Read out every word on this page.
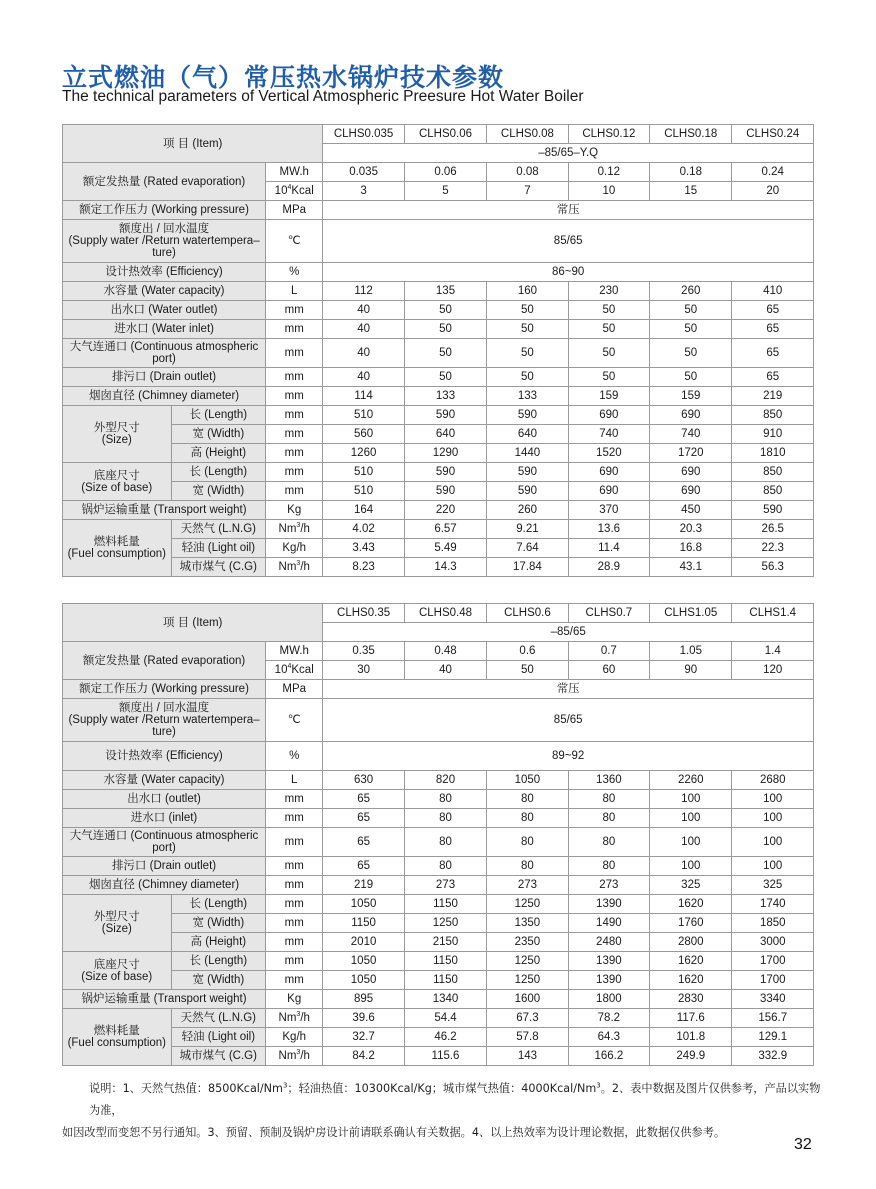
立式燃油（气）常压热水锅炉技术参数
The technical parameters of Vertical Atmospheric Preesure Hot Water Boiler
项 目 (Item)			CLHS0.035	CLHS0.06	CLHS0.08	CLHS0.12	CLHS0.18	CLHS0.24
			–85/65–Y.Q					
额定发热量 (Rated evaporation)		MW.h	0.035	0.06	0.08	0.12	0.18	0.24
		$10^4Kcal$	3	5	7	10	15	20
额定工作压力 (Working pressure)		MPa	常压					
额度出 / 回水温度
(Supply water /Return watertempera–
ture)		℃	85/65					
设计热效率 (Efficiency)		%	86~90					
水容量 (Water capacity)		L	112	135	160	230	260	410
出水口 (Water outlet)		mm	40	50	50	50	50	65
进水口 (Water inlet)		mm	40	50	50	50	50	65
大气连通口 (Continuous atmospheric
port)		mm	40	50	50	50	50	65
排污口 (Drain outlet)		mm	40	50	50	50	50	65
烟囱直径 (Chimney diameter)		mm	114	133	133	159	159	219
外型尺寸
(Size)	长 (Length)	mm	510	590	590	690	690	850
	宽 (Width)	mm	560	640	640	740	740	910
	高 (Height)	mm	1260	1290	1440	1520	1720	1810
底座尺寸
(Size of base)	长 (Length)	mm	510	590	590	690	690	850
	宽 (Width)	mm	510	590	590	690	690	850
锅炉运输重量 (Transport weight)		Kg	164	220	260	370	450	590
燃料耗量
(Fuel consumption)	天然气 (L.N.G)	Nm$^3$/h	4.02	6.57	9.21	13.6	20.3	26.5
	轻油 (Light oil)	Kg/h	3.43	5.49	7.64	11.4	16.8	22.3
	城市煤气 (C.G)	Nm$^3$/h	8.23	14.3	17.84	28.9	43.1	56.3
项 目 (Item)			CLHS0.35	CLHS0.48	CLHS0.6	CLHS0.7	CLHS1.05	CLHS1.4
			–85/65					
额定发热量 (Rated evaporation)		MW.h	0.35	0.48	0.6	0.7	1.05	1.4
		$10^4Kcal$	30	40	50	60	90	120
额定工作压力 (Working pressure)		MPa	常压					
额度出 / 回水温度
(Supply water /Return watertempera–
ture)		℃	85/65					
设计热效率 (Efficiency)		%	89~92					
水容量 (Water capacity)		L	630	820	1050	1360	2260	2680
出水口 (outlet)		mm	65	80	80	80	100	100
进水口 (inlet)		mm	65	80	80	80	100	100
大气连通口 (Continuous atmospheric
port)		mm	65	80	80	80	100	100
排污口 (Drain outlet)		mm	65	80	80	80	100	100
烟囱直径 (Chimney diameter)		mm	219	273	273	273	325	325
外型尺寸
(Size)	长 (Length)	mm	1050	1150	1250	1390	1620	1740
	宽 (Width)	mm	1150	1250	1350	1490	1760	1850
	高 (Height)	mm	2010	2150	2350	2480	2800	3000
底座尺寸
(Size of base)	长 (Length)	mm	1050	1150	1250	1390	1620	1700
	宽 (Width)	mm	1050	1150	1250	1390	1620	1700
锅炉运输重量 (Transport weight)		Kg	895	1340	1600	1800	2830	3340
燃料耗量
(Fuel consumption)	天然气 (L.N.G)	Nm$^3$/h	39.6	54.4	67.3	78.2	117.6	156.7
	轻油 (Light oil)	Kg/h	32.7	46.2	57.8	64.3	101.8	129.1
	城市煤气 (C.G)	Nm$^3$/h	84.2	115.6	143	166.2	249.9	332.9
说明：1、天然气热值：8500Kcal/Nm$^3$；轻油热值：10300Kcal/Kg；城市煤气热值：4000Kcal/Nm$^3$。2、表中数据及图片仅供参考，产品以实物为准，
如因改型而变恕不另行通知。3、预留、预制及锅炉房设计前请联系确认有关数据。4、以上热效率为设计理论数据，此数据仅供参考。
32
